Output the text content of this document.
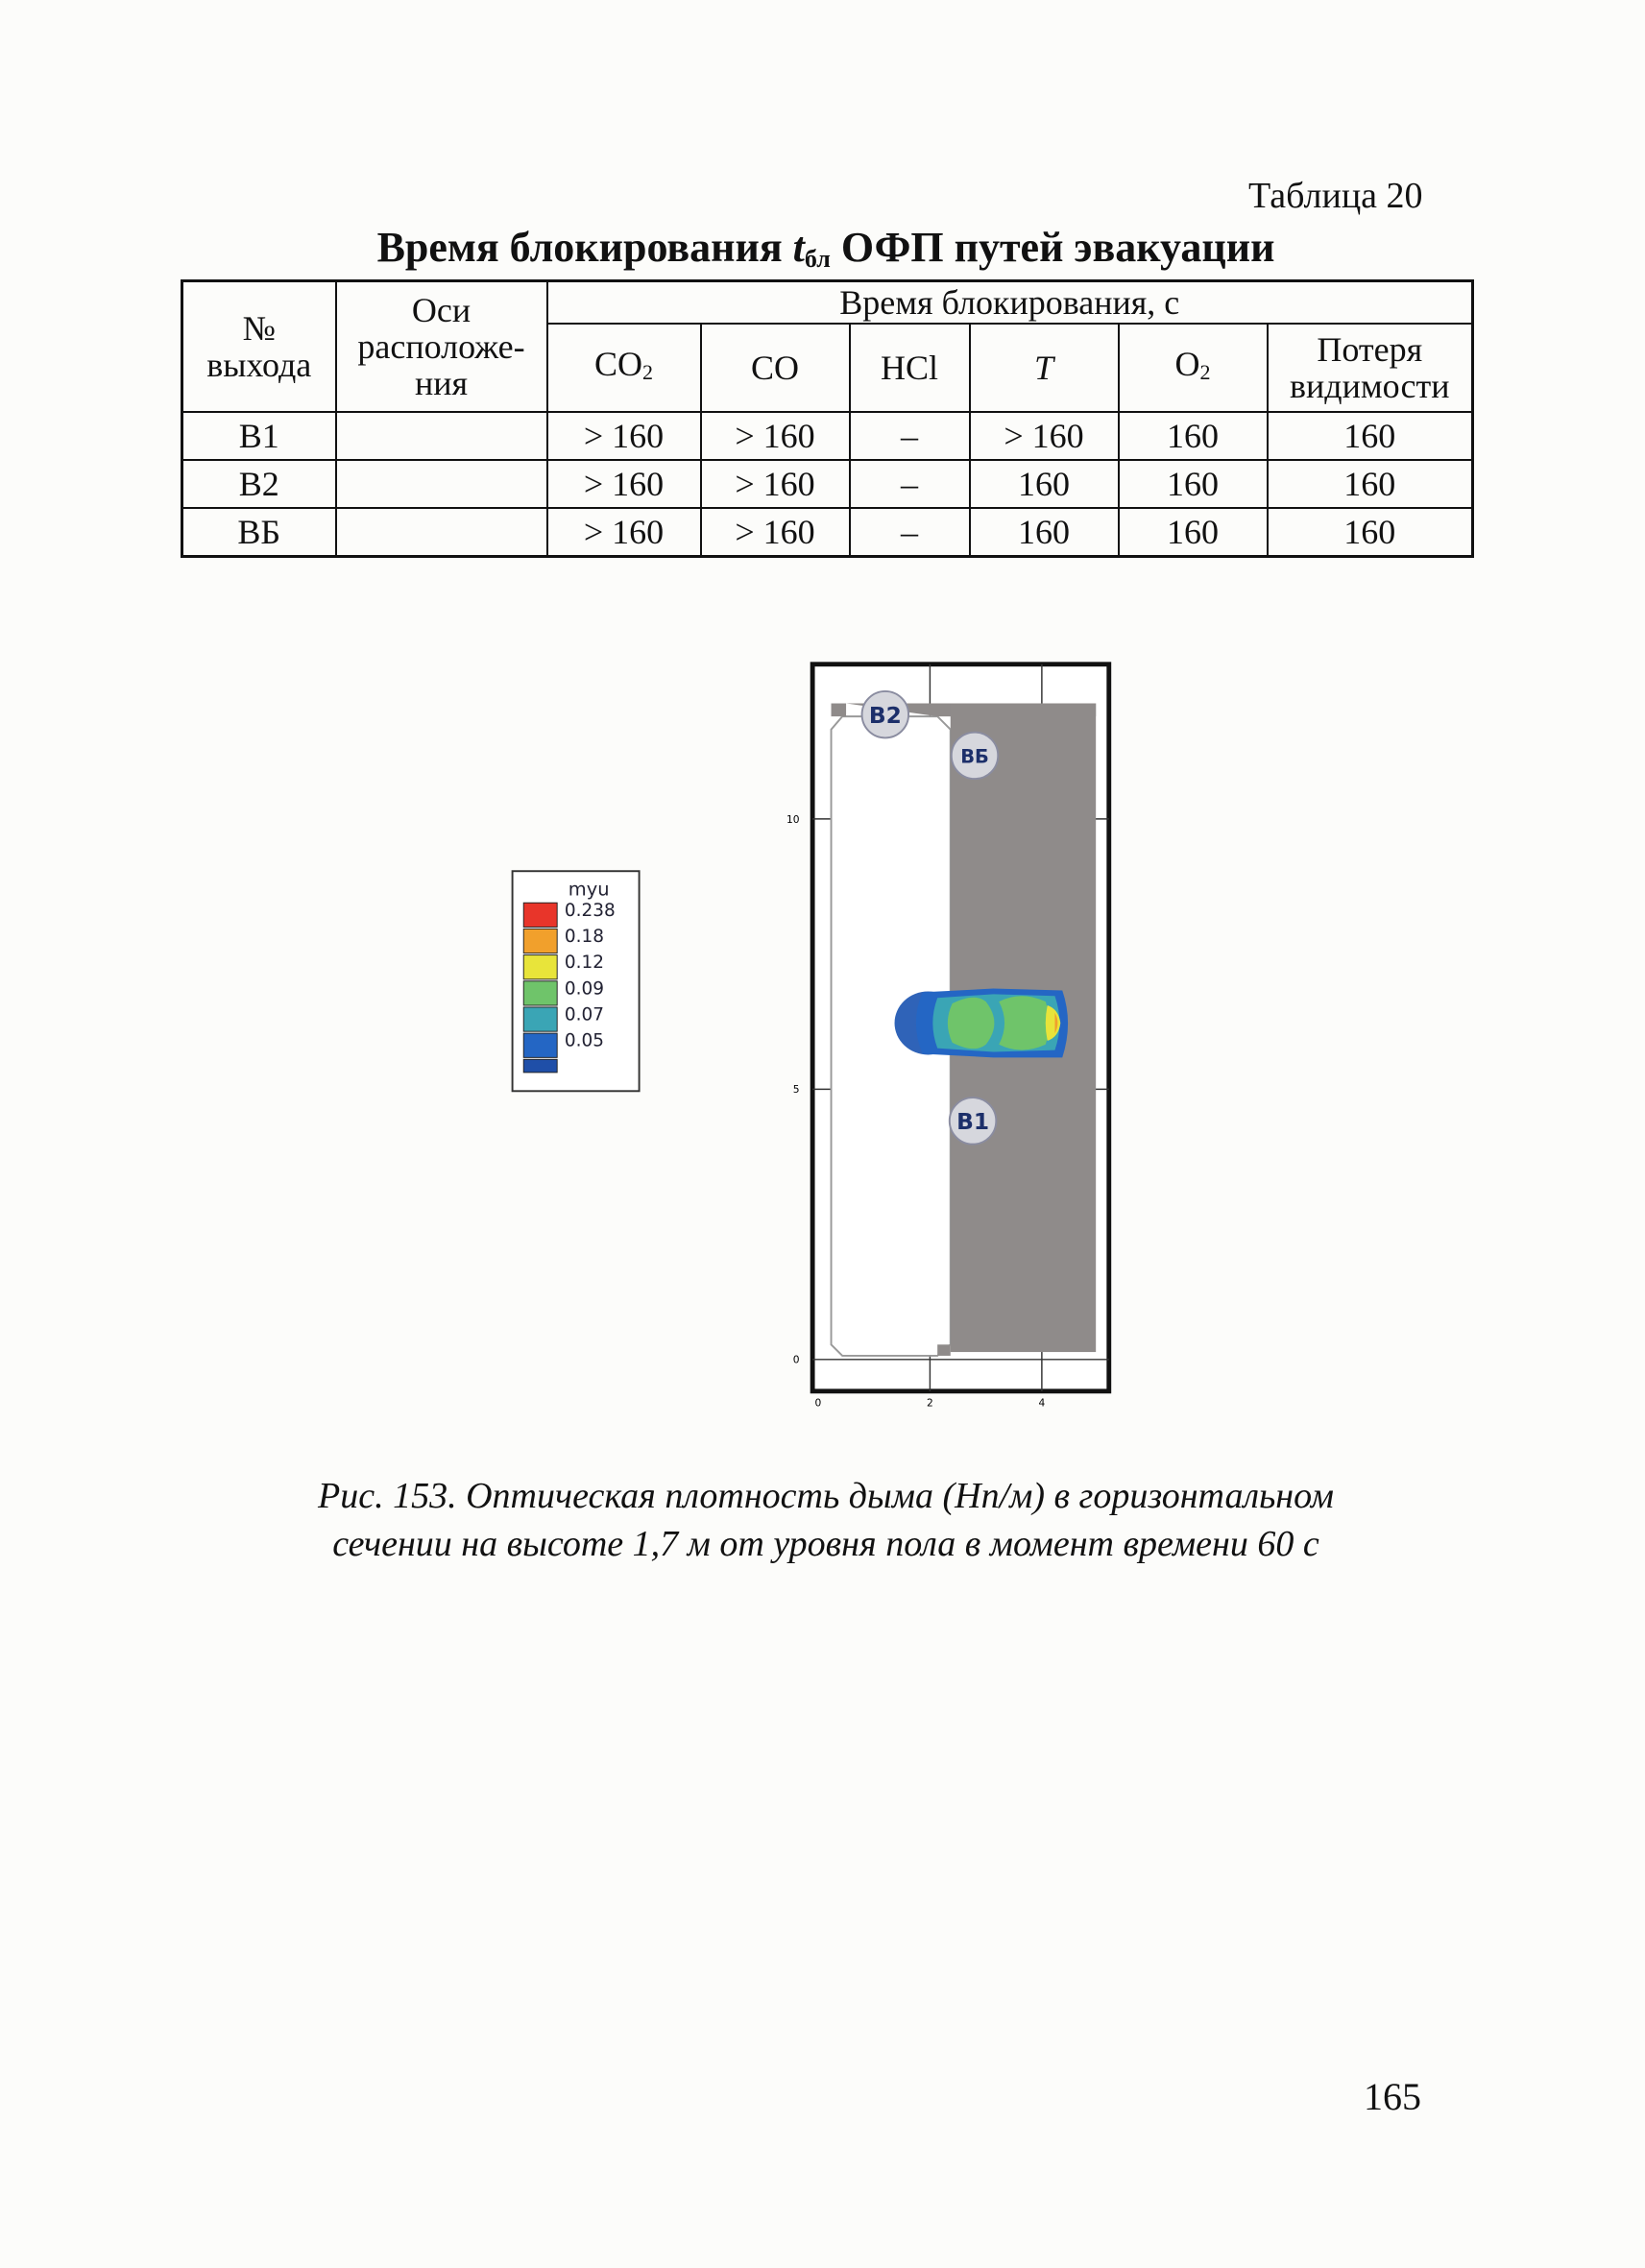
Таблица 20
Время блокирования $t_{бл}$ ОФП путей эвакуации
№ выхода	Оси расположе-ния	Время блокирования, с					
		$CO_2$	CO	HCl	T	$O_2$	Потеря видимости
В1		> 160	> 160	–	> 160	160	160
В2		> 160	> 160	–	160	160	160
ВБ		> 160	> 160	–	160	160	160
myu
0.238
0.18
0.12
0.09
0.07
0.05
В2
ВБ
В1
10
5
0
0	2	4
Рис. 153. Оптическая плотность дыма (Нп/м) в горизонтальном
сечении на высоте 1,7 м от уровня пола в момент времени 60 с
165
